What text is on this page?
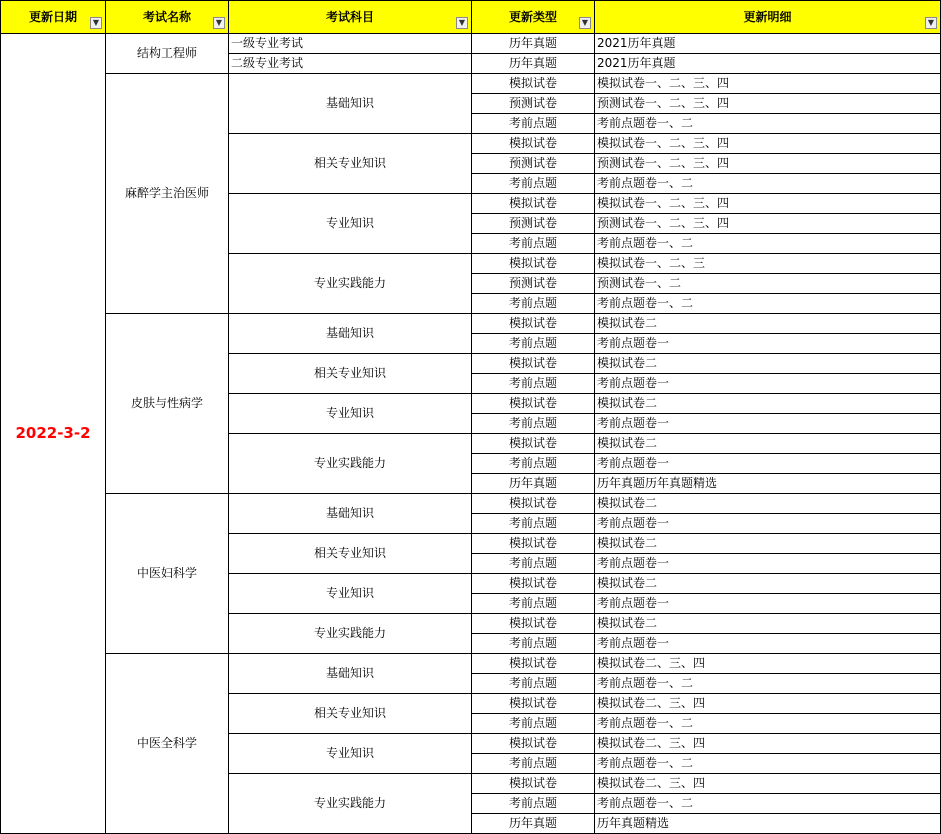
更新日期 ▼	考试名称 ▼	考试科目 ▼	更新类型 ▼	更新明细 ▼

2022-3-2	结构工程师	一级专业考试	历年真题	2021历年真题
		二级专业考试	历年真题	2021历年真题
	麻醉学主治医师	基础知识	模拟试卷	模拟试卷一、二、三、四
			预测试卷	预测试卷一、二、三、四
			考前点题	考前点题卷一、二
		相关专业知识	模拟试卷	模拟试卷一、二、三、四
			预测试卷	预测试卷一、二、三、四
			考前点题	考前点题卷一、二
		专业知识	模拟试卷	模拟试卷一、二、三、四
			预测试卷	预测试卷一、二、三、四
			考前点题	考前点题卷一、二
		专业实践能力	模拟试卷	模拟试卷一、二、三
			预测试卷	预测试卷一、二
			考前点题	考前点题卷一、二
	皮肤与性病学	基础知识	模拟试卷	模拟试卷二
			考前点题	考前点题卷一
		相关专业知识	模拟试卷	模拟试卷二
			考前点题	考前点题卷一
		专业知识	模拟试卷	模拟试卷二
			考前点题	考前点题卷一
		专业实践能力	模拟试卷	模拟试卷二
			考前点题	考前点题卷一
			历年真题	历年真题历年真题精选
	中医妇科学	基础知识	模拟试卷	模拟试卷二
			考前点题	考前点题卷一
		相关专业知识	模拟试卷	模拟试卷二
			考前点题	考前点题卷一
		专业知识	模拟试卷	模拟试卷二
			考前点题	考前点题卷一
		专业实践能力	模拟试卷	模拟试卷二
			考前点题	考前点题卷一
	中医全科学	基础知识	模拟试卷	模拟试卷二、三、四
			考前点题	考前点题卷一、二
		相关专业知识	模拟试卷	模拟试卷二、三、四
			考前点题	考前点题卷一、二
		专业知识	模拟试卷	模拟试卷二、三、四
			考前点题	考前点题卷一、二
		专业实践能力	模拟试卷	模拟试卷二、三、四
			考前点题	考前点题卷一、二
			历年真题	历年真题精选
